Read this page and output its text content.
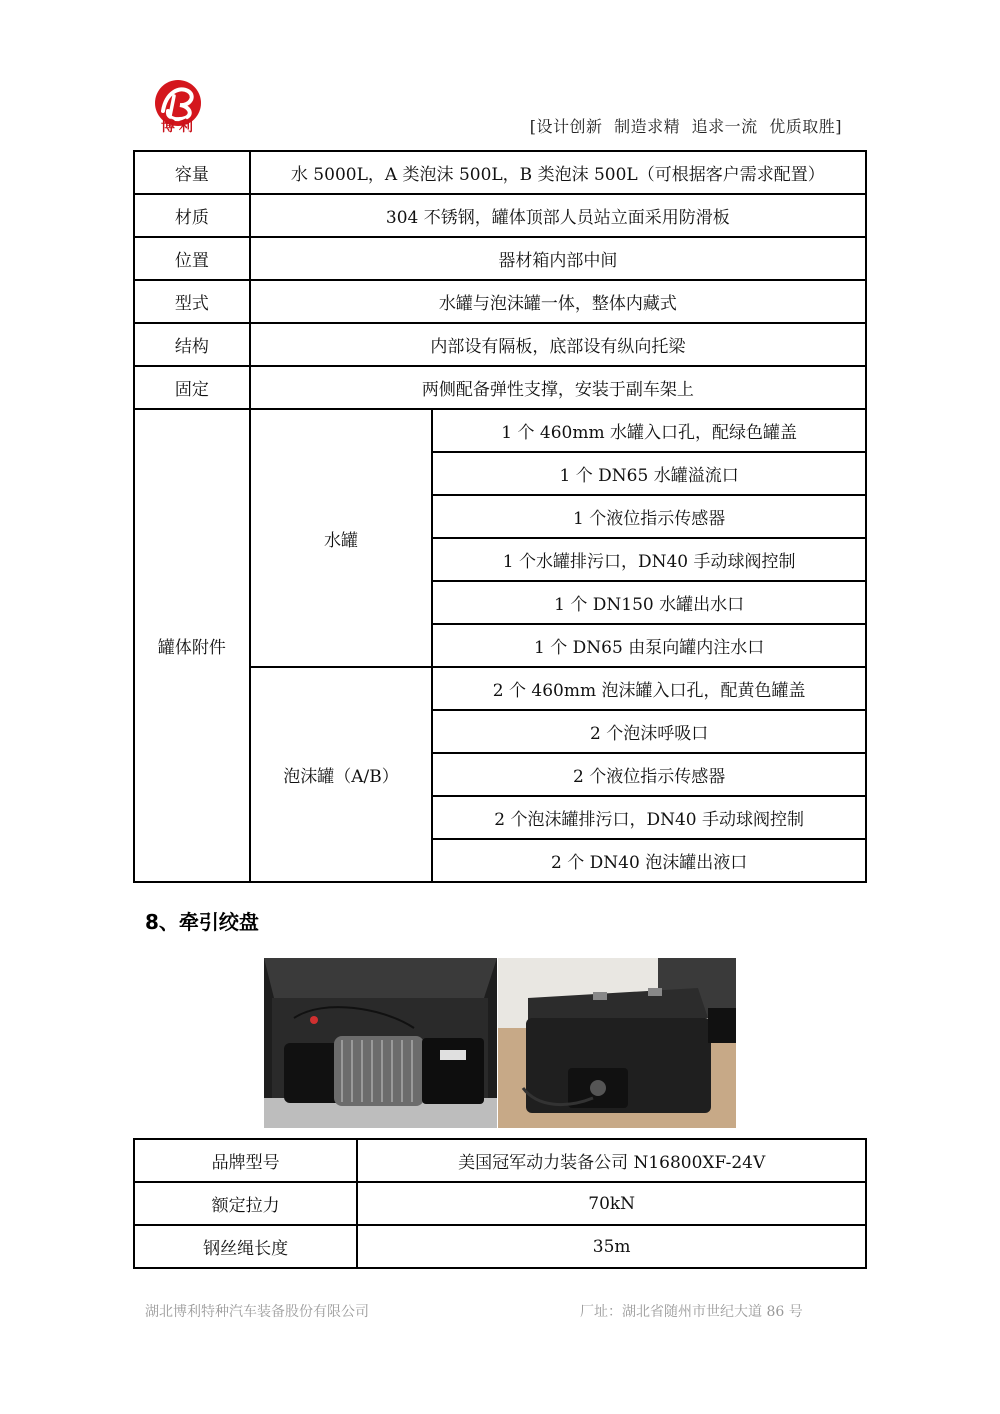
博利	[设计创新 制造求精 追求一流 优质取胜]
容量	水 5000L，A 类泡沫 500L，B 类泡沫 500L（可根据客户需求配置）	
材质	304 不锈钢，罐体顶部人员站立面采用防滑板	
位置	器材箱内部中间	
型式	水罐与泡沫罐一体，整体内藏式	
结构	内部设有隔板，底部设有纵向托梁	
固定	两侧配备弹性支撑，安装于副车架上	
罐体附件	水罐	1 个 460mm 水罐入口孔，配绿色罐盖
		1 个 DN65 水罐溢流口
		1 个液位指示传感器
		1 个水罐排污口，DN40 手动球阀控制
		1 个 DN150 水罐出水口
		1 个 DN65 由泵向罐内注水口
	泡沫罐（A/B）	2 个 460mm 泡沫罐入口孔，配黄色罐盖
		2 个泡沫呼吸口
		2 个液位指示传感器
		2 个泡沫罐排污口，DN40 手动球阀控制
		2 个 DN40 泡沫罐出液口
8、牵引绞盘
品牌型号	美国冠军动力装备公司 N16800XF-24V
额定拉力	70kN
钢丝绳长度	35m
湖北博利特种汽车装备股份有限公司	厂址：湖北省随州市世纪大道 86 号
